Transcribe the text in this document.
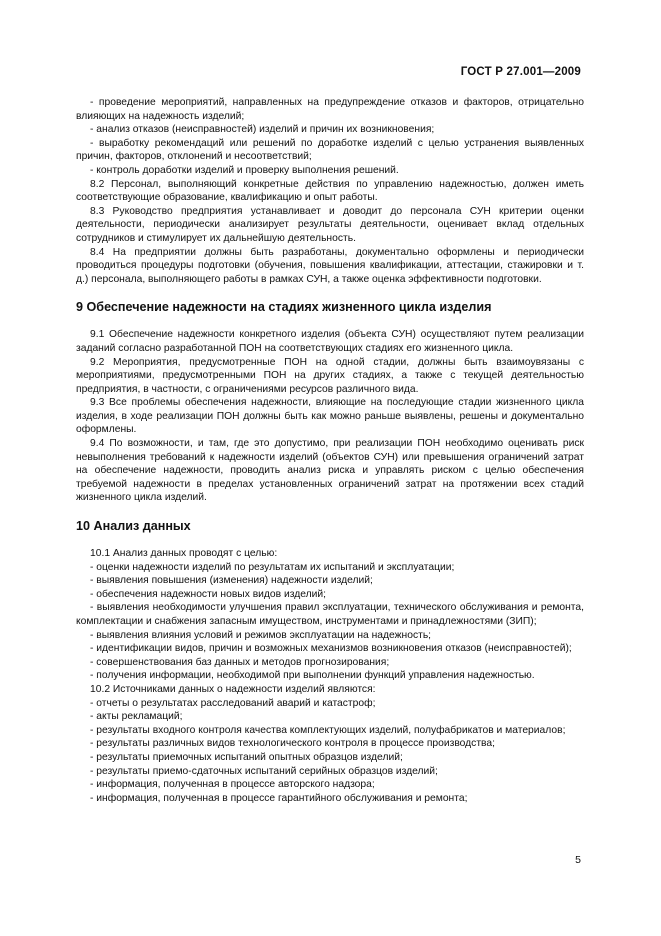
ГОСТ Р 27.001—2009

- проведение мероприятий, направленных на предупреждение отказов и факторов, отрицательно влияющих на надежность изделий;

- анализ отказов (неисправностей) изделий и причин их возникновения;

- выработку рекомендаций или решений по доработке изделий с целью устранения выявленных причин, факторов, отклонений и несоответствий;

- контроль доработки изделий и проверку выполнения решений.

8.2 Персонал, выполняющий конкретные действия по управлению надежностью, должен иметь соответствующие образование, квалификацию и опыт работы.

8.3 Руководство предприятия устанавливает и доводит до персонала СУН критерии оценки деятельности, периодически анализирует результаты деятельности, оценивает вклад отдельных сотрудников и стимулирует их дальнейшую деятельность.

8.4 На предприятии должны быть разработаны, документально оформлены и периодически проводиться процедуры подготовки (обучения, повышения квалификации, аттестации, стажировки и т. д.) персонала, выполняющего работы в рамках СУН, а также оценка эффективности подготовки.

9 Обеспечение надежности на стадиях жизненного цикла изделия

9.1 Обеспечение надежности конкретного изделия (объекта СУН) осуществляют путем реализации заданий согласно разработанной ПОН на соответствующих стадиях его жизненного цикла.

9.2 Мероприятия, предусмотренные ПОН на одной стадии, должны быть взаимоувязаны с мероприятиями, предусмотренными ПОН на других стадиях, а также с текущей деятельностью предприятия, в частности, с ограничениями ресурсов различного вида.

9.3 Все проблемы обеспечения надежности, влияющие на последующие стадии жизненного цикла изделия, в ходе реализации ПОН должны быть как можно раньше выявлены, решены и документально оформлены.

9.4 По возможности, и там, где это допустимо, при реализации ПОН необходимо оценивать риск невыполнения требований к надежности изделий (объектов СУН) или превышения ограничений затрат на обеспечение надежности, проводить анализ риска и управлять риском с целью обеспечения требуемой надежности в пределах установленных ограничений затрат на протяжении всех стадий жизненного цикла изделий.

10 Анализ данных

10.1 Анализ данных проводят с целью:

- оценки надежности изделий по результатам их испытаний и эксплуатации;

- выявления повышения (изменения) надежности изделий;

- обеспечения надежности новых видов изделий;

- выявления необходимости улучшения правил эксплуатации, технического обслуживания и ремонта, комплектации и снабжения запасным имуществом, инструментами и принадлежностями (ЗИП);

- выявления влияния условий и режимов эксплуатации на надежность;

- идентификации видов, причин и возможных механизмов возникновения отказов (неисправностей);

- совершенствования баз данных и методов прогнозирования;

- получения информации, необходимой при выполнении функций управления надежностью.

10.2 Источниками данных о надежности изделий являются:

- отчеты о результатах расследований аварий и катастроф;

- акты рекламаций;

- результаты входного контроля качества комплектующих изделий, полуфабрикатов и материалов;

- результаты различных видов технологического контроля в процессе производства;

- результаты приемочных испытаний опытных образцов изделий;

- результаты приемо-сдаточных испытаний серийных образцов изделий;

- информация, полученная в процессе авторского надзора;

- информация, полученная в процессе гарантийного обслуживания и ремонта;

5
